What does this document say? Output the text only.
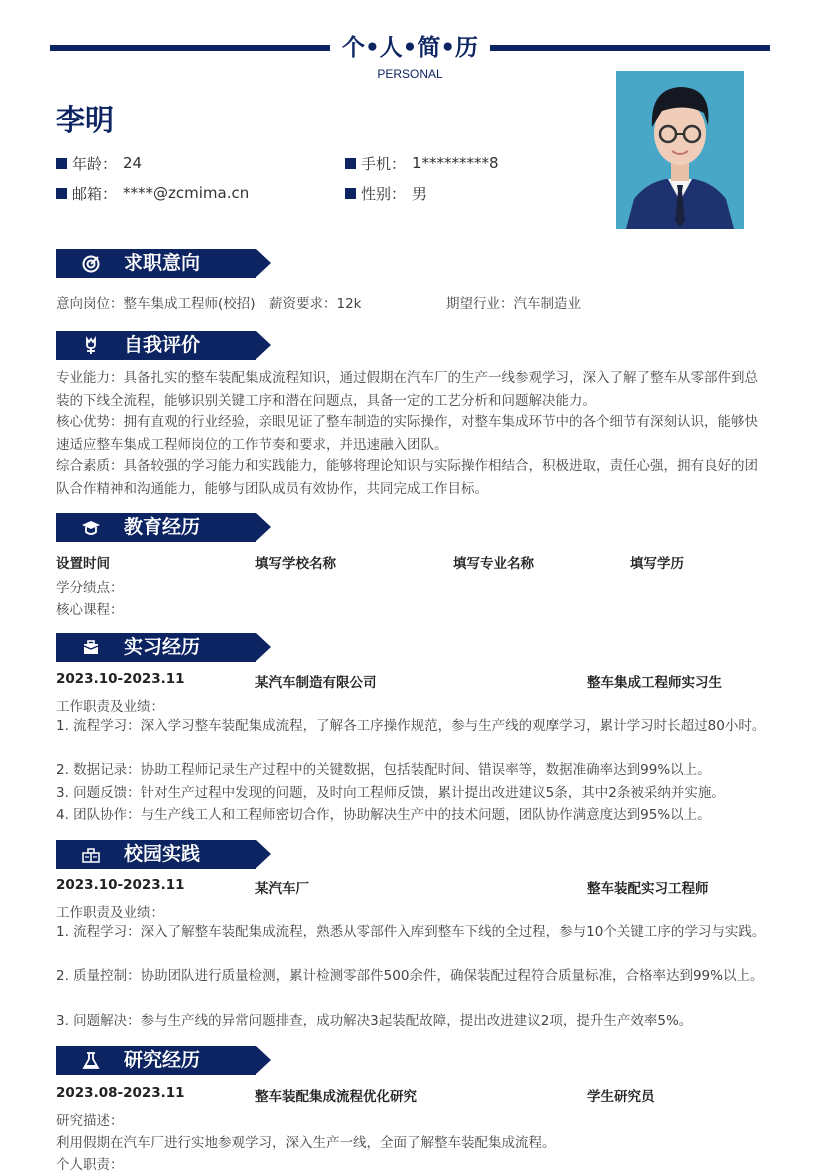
个•人•简•历
PERSONAL
李明
年龄： 24	手机： 1*********8
邮箱： ****@zcmima.cn	性别： 男
求职意向
意向岗位：整车集成工程师(校招) 薪资要求：12k	期望行业：汽车制造业
自我评价
专业能力：具备扎实的整车装配集成流程知识，通过假期在汽车厂的生产一线参观学习，深入了解了整车从零部件到总装的下线全流程，能够识别关键工序和潜在问题点，具备一定的工艺分析和问题解决能力。
核心优势：拥有直观的行业经验，亲眼见证了整车制造的实际操作，对整车集成环节中的各个细节有深刻认识，能够快速适应整车集成工程师岗位的工作节奏和要求，并迅速融入团队。
综合素质：具备较强的学习能力和实践能力，能够将理论知识与实际操作相结合，积极进取，责任心强，拥有良好的团队合作精神和沟通能力，能够与团队成员有效协作，共同完成工作目标。
教育经历
设置时间	填写学校名称	填写专业名称	填写学历
学分绩点：
核心课程：
实习经历
2023.10-2023.11	某汽车制造有限公司	整车集成工程师实习生
工作职责及业绩：
1. 流程学习：深入学习整车装配集成流程，了解各工序操作规范，参与生产线的观摩学习，累计学习时长超过80小时。
2. 数据记录：协助工程师记录生产过程中的关键数据，包括装配时间、错误率等，数据准确率达到99%以上。
3. 问题反馈：针对生产过程中发现的问题，及时向工程师反馈，累计提出改进建议5条，其中2条被采纳并实施。
4. 团队协作：与生产线工人和工程师密切合作，协助解决生产中的技术问题，团队协作满意度达到95%以上。
校园实践
2023.10-2023.11	某汽车厂	整车装配实习工程师
工作职责及业绩：
1. 流程学习：深入了解整车装配集成流程，熟悉从零部件入库到整车下线的全过程，参与10个关键工序的学习与实践。
2. 质量控制：协助团队进行质量检测，累计检测零部件500余件，确保装配过程符合质量标准，合格率达到99%以上。
3. 问题解决：参与生产线的异常问题排查，成功解决3起装配故障，提出改进建议2项，提升生产效率5%。
研究经历
2023.08-2023.11	整车装配集成流程优化研究	学生研究员
研究描述：
利用假期在汽车厂进行实地参观学习，深入生产一线，全面了解整车装配集成流程。
个人职责：
